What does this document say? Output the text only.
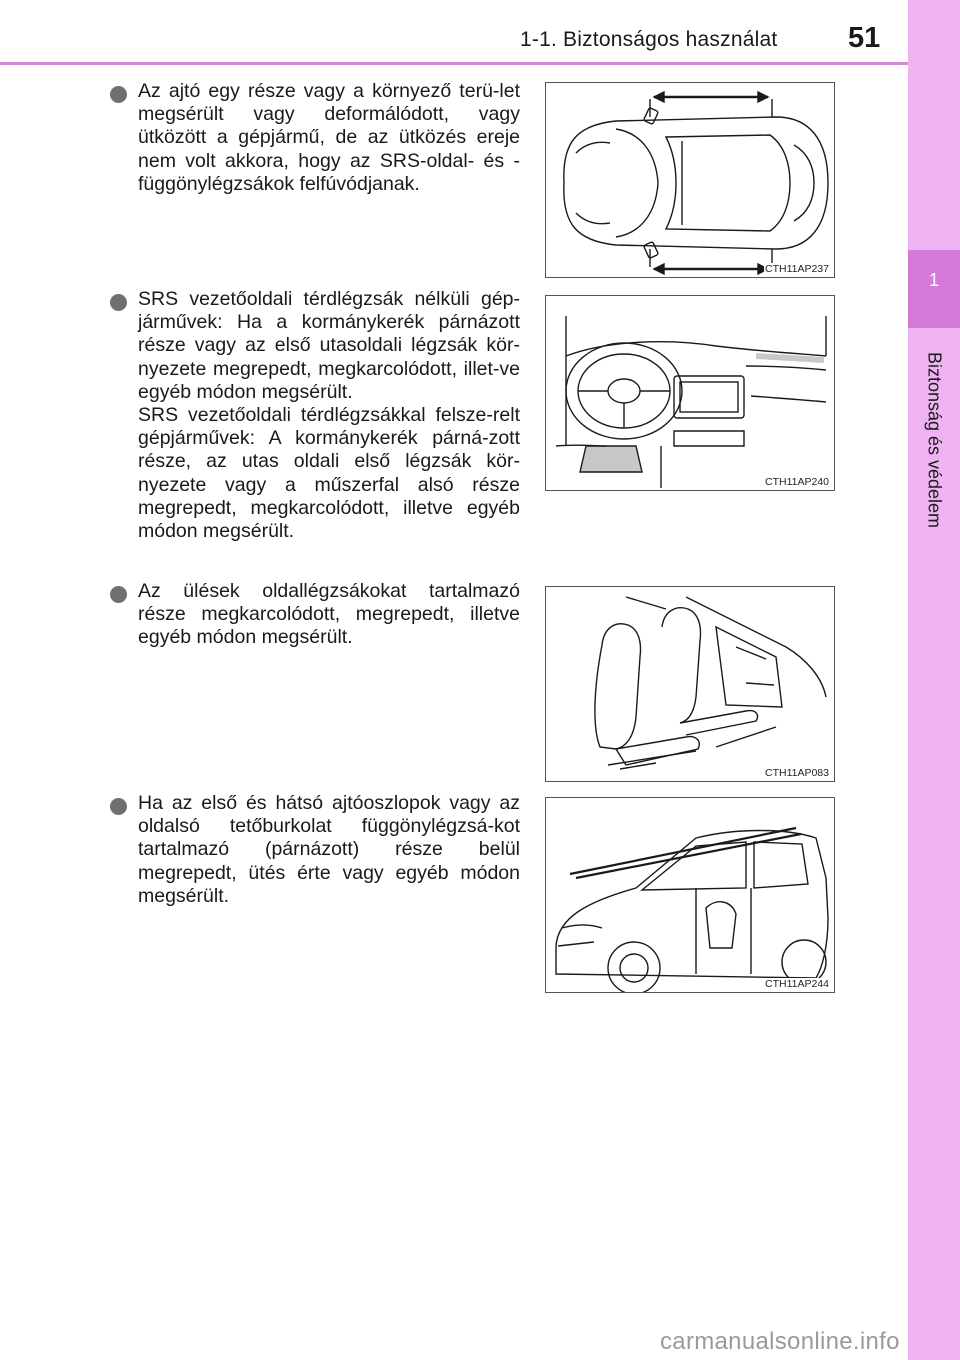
1-1. Biztonságos használat 51
1
Biztonság és védelem

Az ajtó egy része vagy a környező terü-let megsérült vagy deformálódott, vagy ütközött a gépjármű, de az ütközés ereje nem volt akkora, hogy az SRS-oldal- és -függönylégzsákok felfúvódjanak.

CTH11AP237

SRS vezetőoldali térdlégzsák nélküli gép-járművek: Ha a kormánykerék párnázott része vagy az első utasoldali légzsák kör-nyezete megrepedt, megkarcolódott, illet-ve egyéb módon megsérült.

SRS vezetőoldali térdlégzsákkal felsze-relt gépjárművek: A kormánykerék párná-zott része, az utas oldali első légzsák kör-nyezete vagy a műszerfal alsó része megrepedt, megkarcolódott, illetve egyéb módon megsérült.

CTH11AP240

Az ülések oldallégzsákokat tartalmazó része megkarcolódott, megrepedt, illetve egyéb módon megsérült.

CTH11AP083

Ha az első és hátsó ajtóoszlopok vagy az oldalsó tetőburkolat függönylégzsá-kot tartalmazó (párnázott) része belül megrepedt, ütés érte vagy egyéb módon megsérült.

CTH11AP244
carmanualsonline.info
